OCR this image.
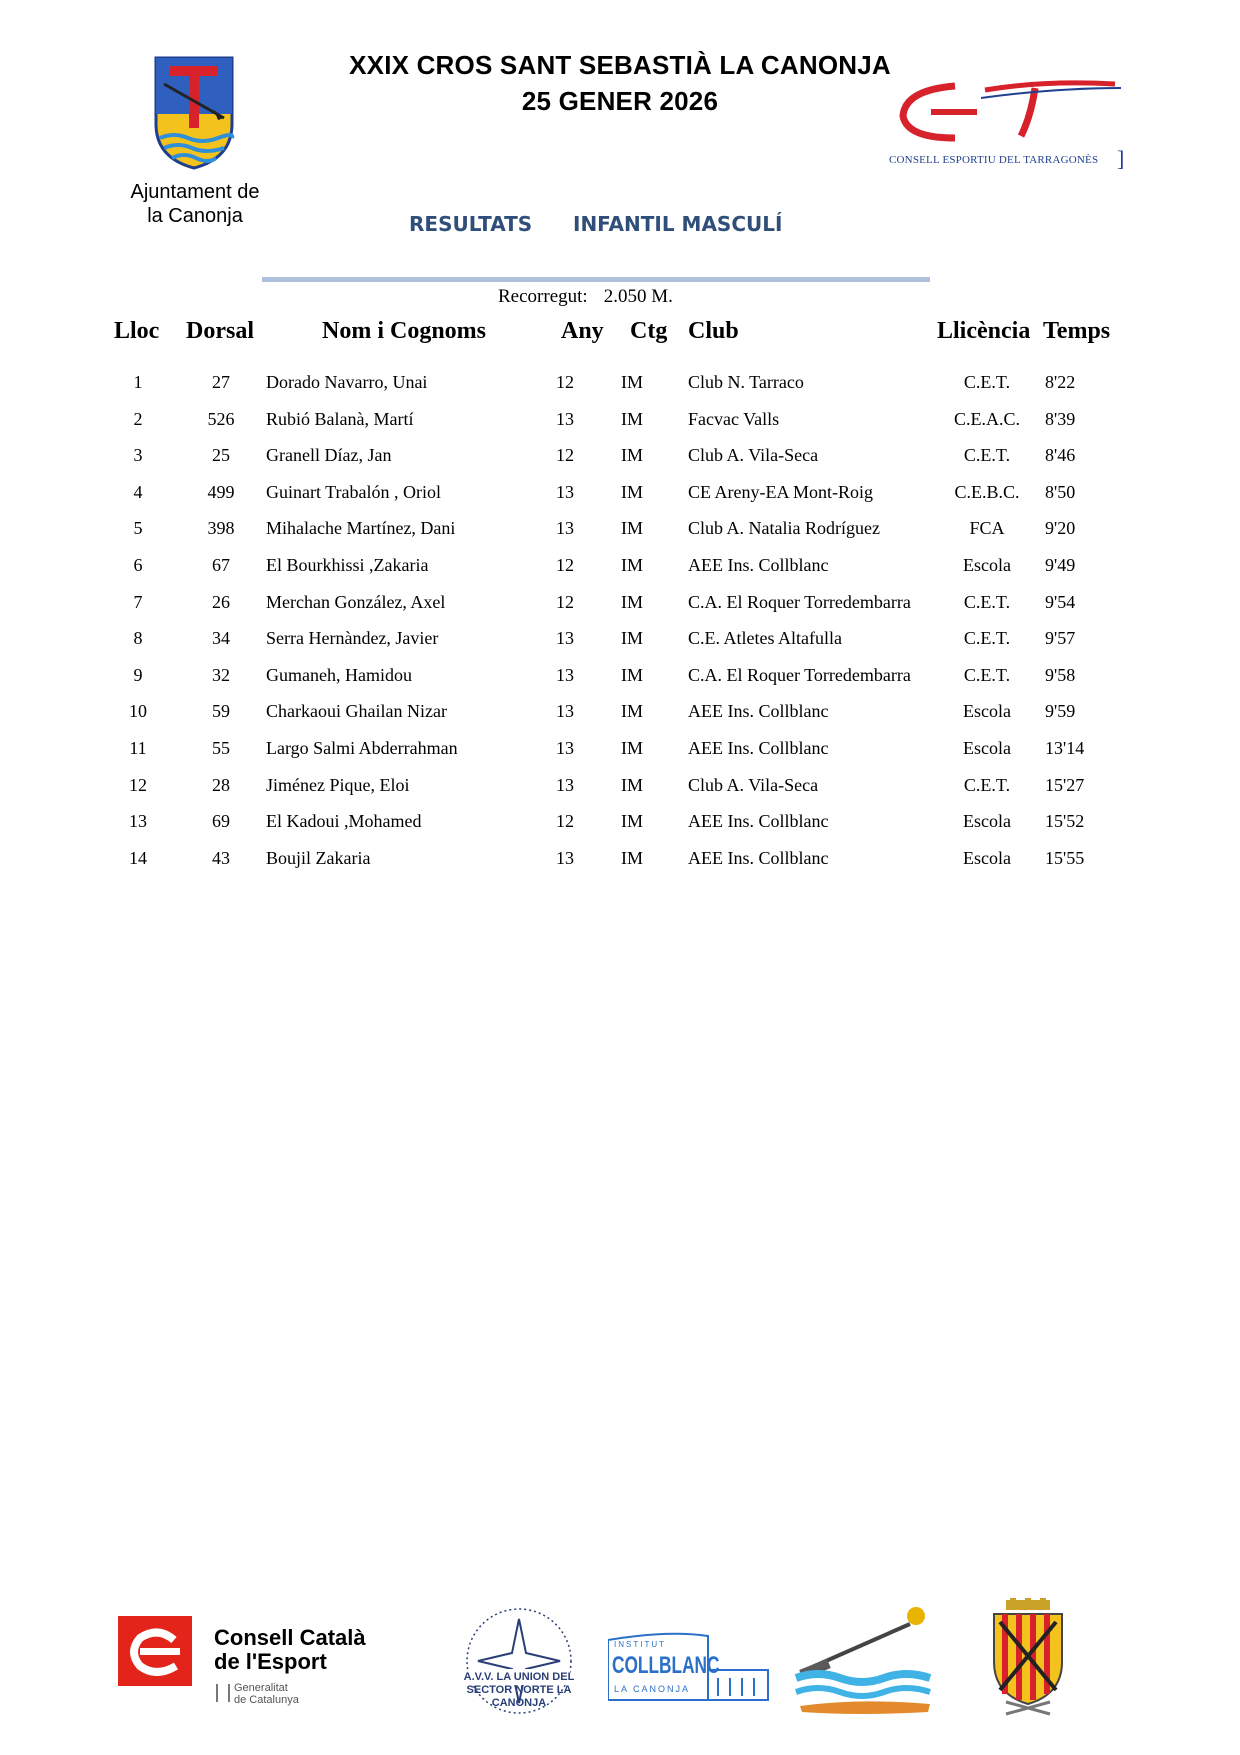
Ajuntament de
la Canonja
XXIX CROS SANT SEBASTIÀ LA CANONJA
25 GENER 2026
CONSELL ESPORTIU DEL TARRAGONÈS ]
RESULTATS INFANTIL MASCULÍ
Recorregut: 2.050 M.
Lloc Dorsal	Nom i Cognoms	Any Ctg Club	Llicència Temps
1	27	Dorado Navarro, Unai	12	IM	Club N. Tarraco	C.E.T.	8'22
2	526	Rubió Balanà, Martí	13	IM	Facvac Valls	C.E.A.C.	8'39
3	25	Granell Díaz, Jan	12	IM	Club A. Vila-Seca	C.E.T.	8'46
4	499	Guinart Trabalón , Oriol	13	IM	CE Areny-EA Mont-Roig	C.E.B.C.	8'50
5	398	Mihalache Martínez, Dani	13	IM	Club A. Natalia Rodríguez	FCA	9'20
6	67	El Bourkhissi ,Zakaria	12	IM	AEE Ins. Collblanc	Escola	9'49
7	26	Merchan González, Axel	12	IM	C.A. El Roquer Torredembarra	C.E.T.	9'54
8	34	Serra Hernàndez, Javier	13	IM	C.E. Atletes Altafulla	C.E.T.	9'57
9	32	Gumaneh, Hamidou	13	IM	C.A. El Roquer Torredembarra	C.E.T.	9'58
10	59	Charkaoui Ghailan Nizar	13	IM	AEE Ins. Collblanc	Escola	9'59
11	55	Largo Salmi Abderrahman	13	IM	AEE Ins. Collblanc	Escola	13'14
12	28	Jiménez Pique, Eloi	13	IM	Club A. Vila-Seca	C.E.T.	15'27
13	69	El Kadoui ,Mohamed	12	IM	AEE Ins. Collblanc	Escola	15'52
14	43	Boujil Zakaria	13	IM	AEE Ins. Collblanc	Escola	15'55
Consell Català
de l'Esport
Generalitat
de Catalunya
A.V.V. LA UNION DEL SECTOR NORTE LA CANONJA
INSTITUT
COLLBLANC
LA CANONJA
